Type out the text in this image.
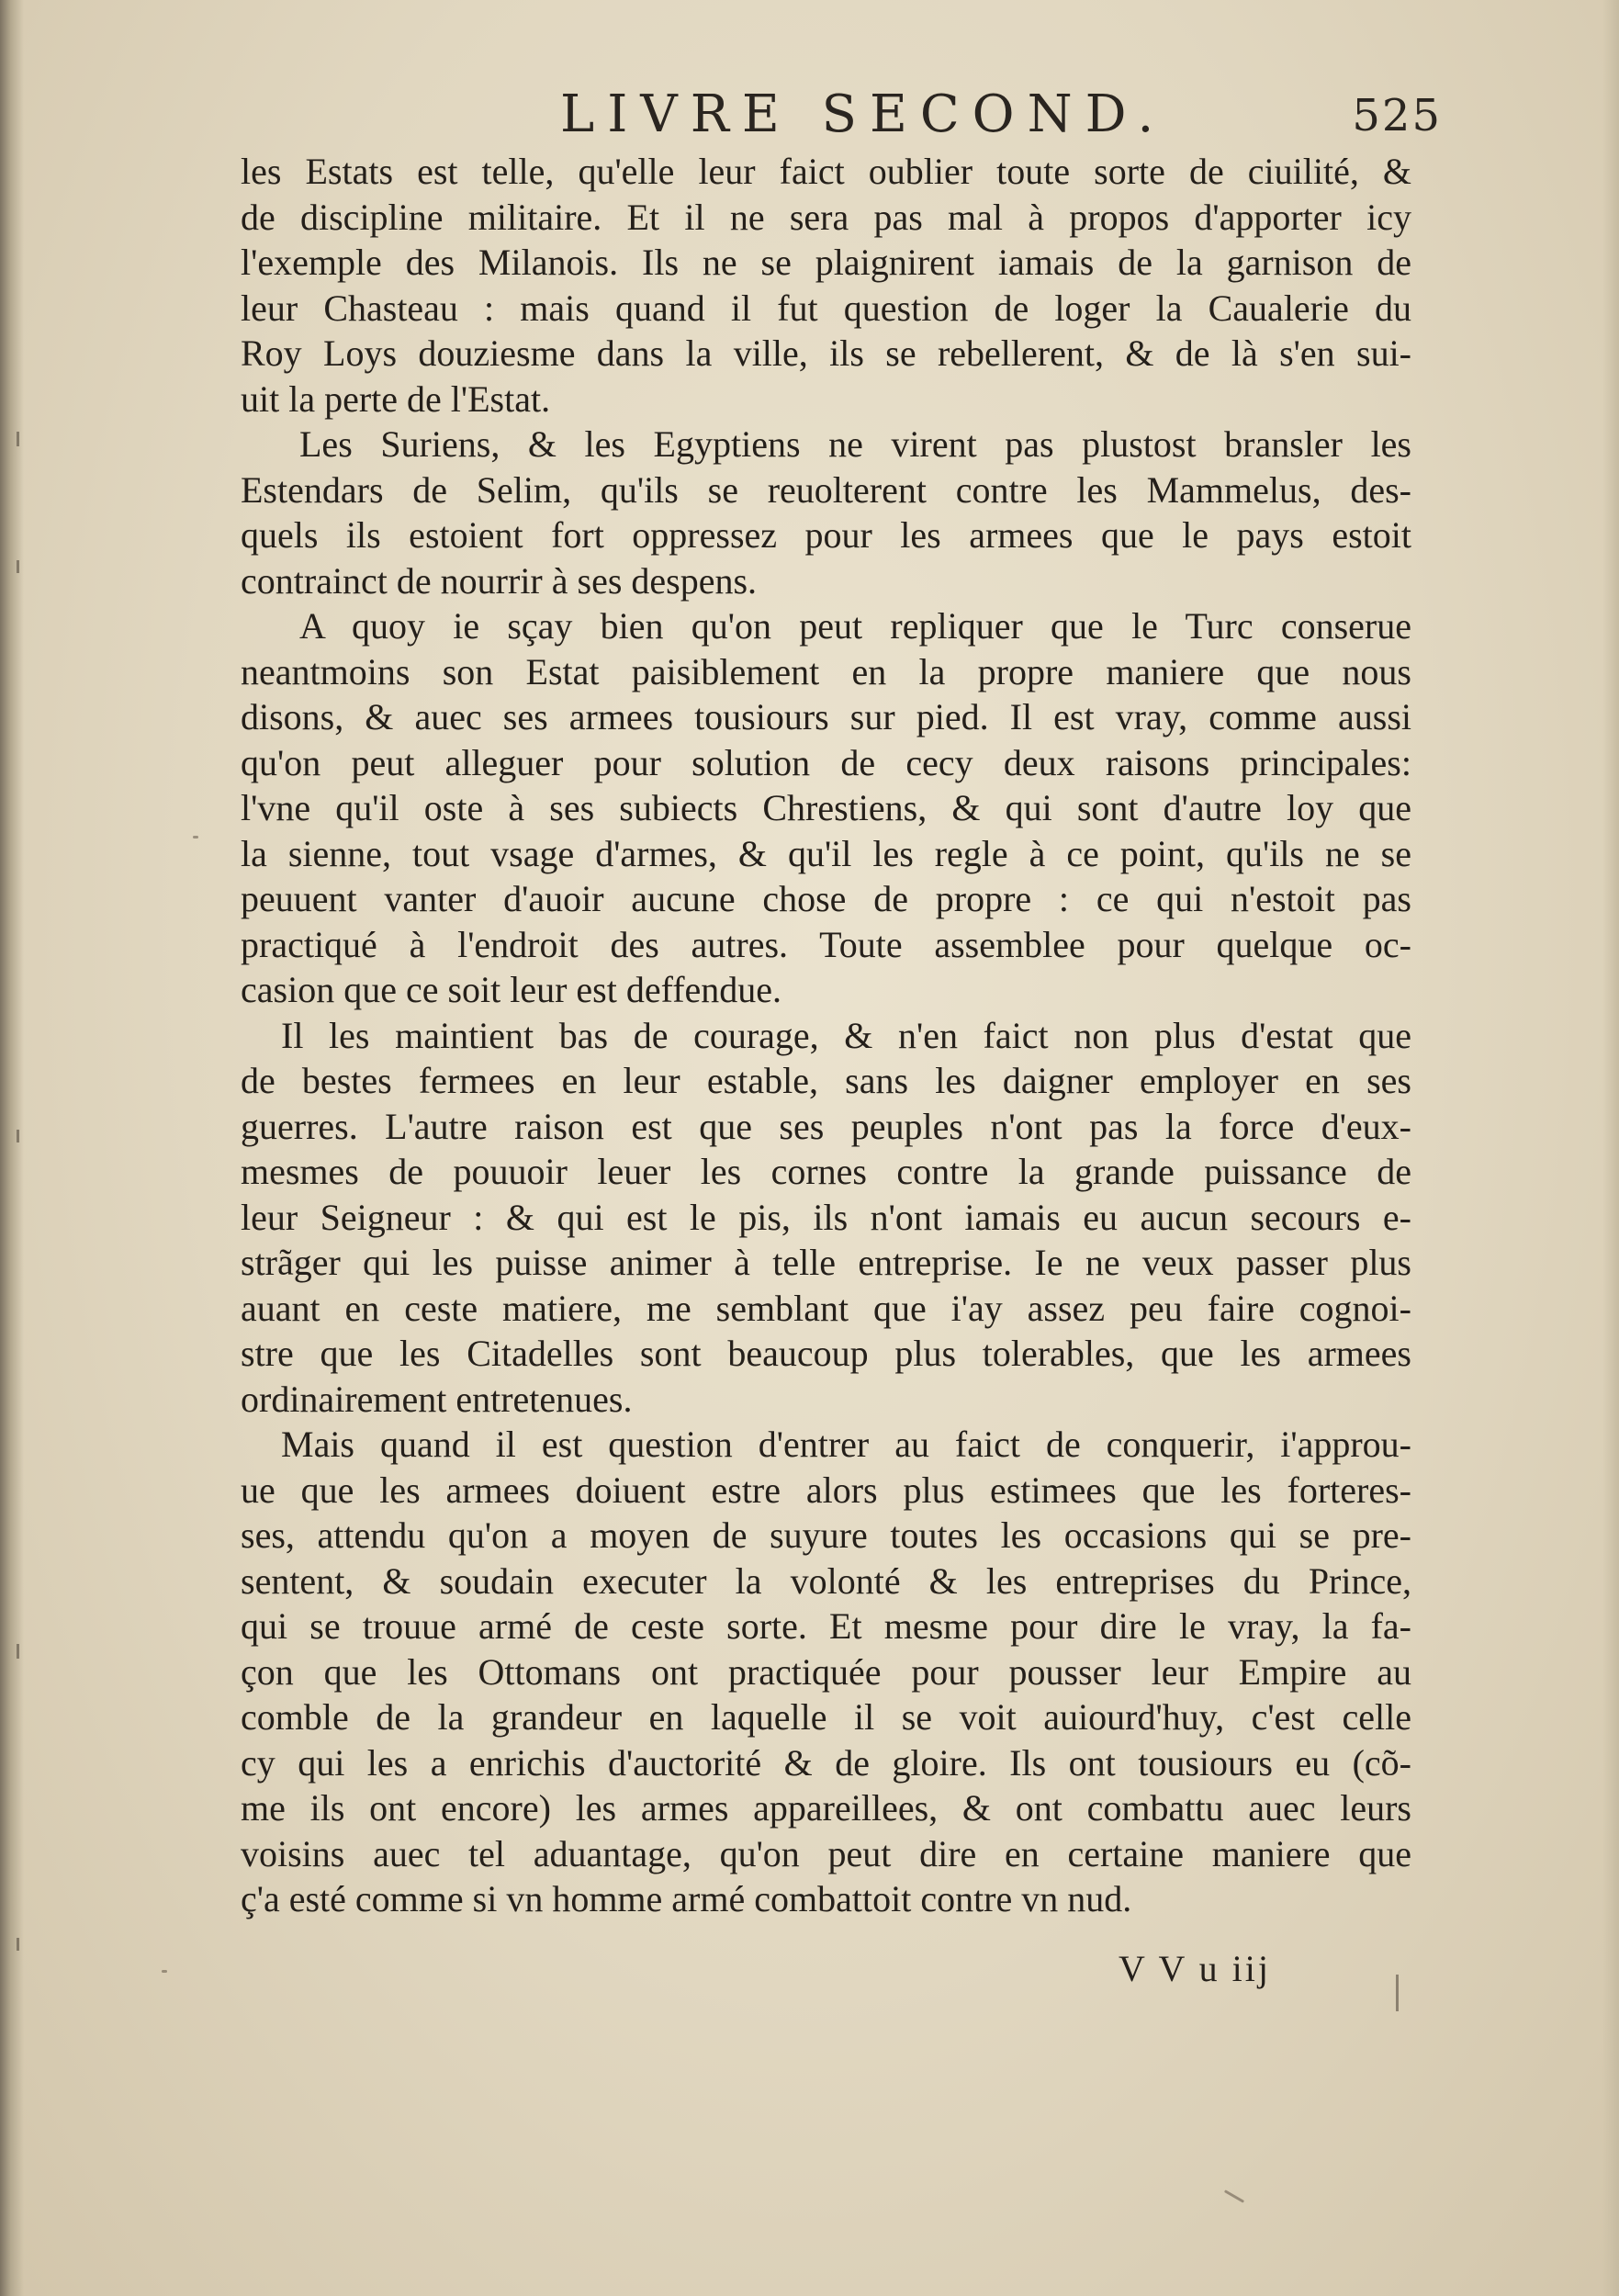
LIVRE SECOND.	525
les Estats est telle, qu'elle leur faict oublier toute sorte de ciuilité, &
de discipline militaire. Et il ne sera pas mal à propos d'apporter icy
l'exemple des Milanois. Ils ne se plaignirent iamais de la garnison de
leur Chasteau : mais quand il fut question de loger la Caualerie du
Roy Loys douziesme dans la ville, ils se rebellerent, & de là s'en sui-
uit la perte de l'Estat.
Les Suriens, & les Egyptiens ne virent pas plustost bransler les
Estendars de Selim, qu'ils se reuolterent contre les Mammelus, des-
quels ils estoient fort oppressez pour les armees que le pays estoit
contrainct de nourrir à ses despens.
A quoy ie sçay bien qu'on peut repliquer que le Turc conserue
neantmoins son Estat paisiblement en la propre maniere que nous
disons, & auec ses armees tousiours sur pied. Il est vray, comme aussi
qu'on peut alleguer pour solution de cecy deux raisons principales:
l'vne qu'il oste à ses subiects Chrestiens, & qui sont d'autre loy que
la sienne, tout vsage d'armes, & qu'il les regle à ce point, qu'ils ne se
peuuent vanter d'auoir aucune chose de propre : ce qui n'estoit pas
practiqué à l'endroit des autres. Toute assemblee pour quelque oc-
casion que ce soit leur est deffendue.
Il les maintient bas de courage, & n'en faict non plus d'estat que
de bestes fermees en leur estable, sans les daigner employer en ses
guerres. L'autre raison est que ses peuples n'ont pas la force d'eux-
mesmes de pouuoir leuer les cornes contre la grande puissance de
leur Seigneur : & qui est le pis, ils n'ont iamais eu aucun secours e-
strãger qui les puisse animer à telle entreprise. Ie ne veux passer plus
auant en ceste matiere, me semblant que i'ay assez peu faire cognoi-
stre que les Citadelles sont beaucoup plus tolerables, que les armees
ordinairement entretenues.
Mais quand il est question d'entrer au faict de conquerir, i'approu-
ue que les armees doiuent estre alors plus estimees que les forteres-
ses, attendu qu'on a moyen de suyure toutes les occasions qui se pre-
sentent, & soudain executer la volonté & les entreprises du Prince,
qui se trouue armé de ceste sorte. Et mesme pour dire le vray, la fa-
çon que les Ottomans ont practiquée pour pousser leur Empire au
comble de la grandeur en laquelle il se voit auiourd'huy, c'est celle
cy qui les a enrichis d'auctorité & de gloire. Ils ont tousiours eu (cõ-
me ils ont encore) les armes appareillees, & ont combattu auec leurs
voisins auec tel aduantage, qu'on peut dire en certaine maniere que
ç'a esté comme si vn homme armé combattoit contre vn nud.
V V u iij
